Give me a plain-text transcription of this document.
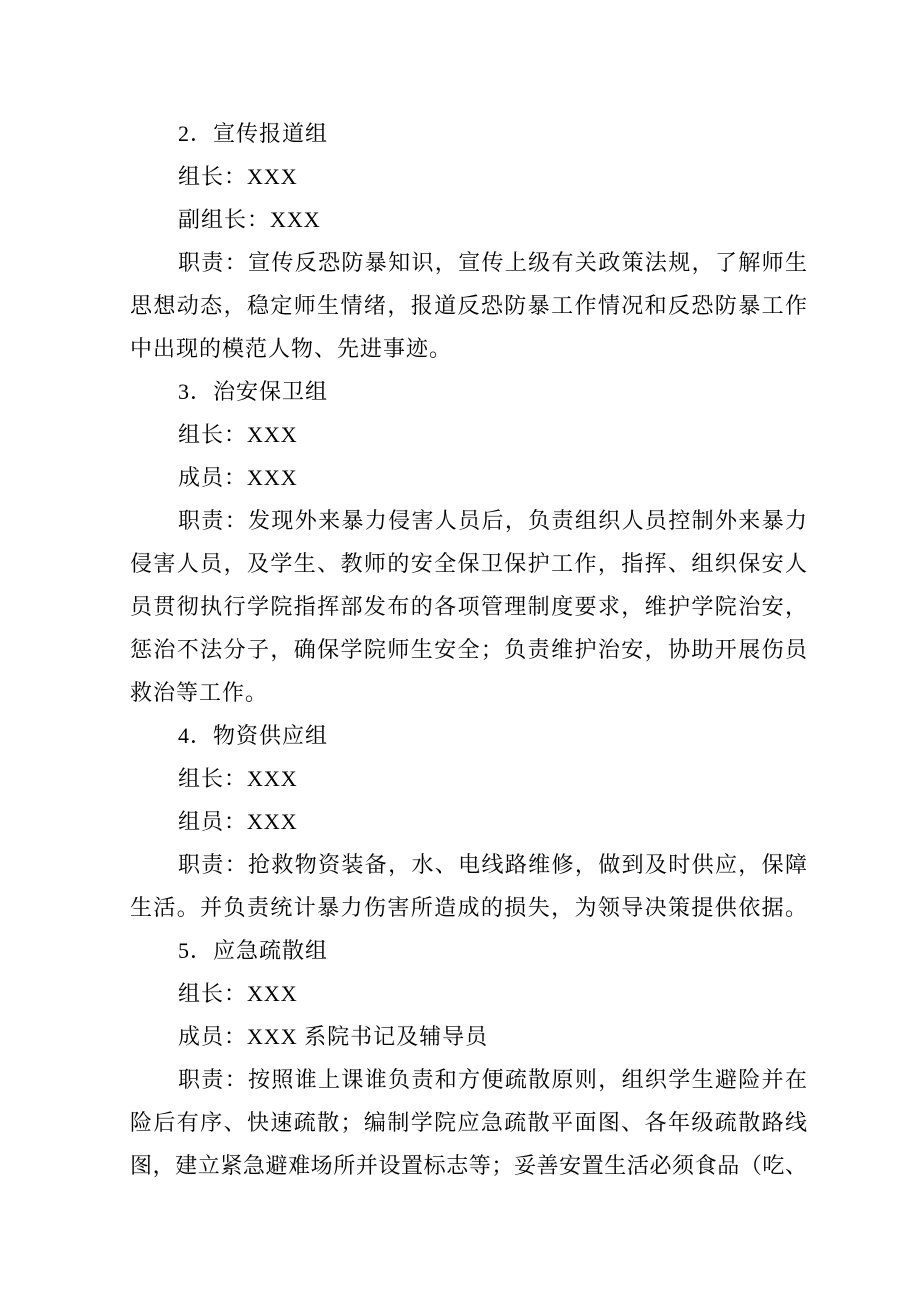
2．宣传报道组
组长：XXX
副组长：XXX
职责：宣传反恐防暴知识，宣传上级有关政策法规，了解师生
思想动态，稳定师生情绪，报道反恐防暴工作情况和反恐防暴工作
中出现的模范人物、先进事迹。
3．治安保卫组
组长：XXX
成员：XXX
职责：发现外来暴力侵害人员后，负责组织人员控制外来暴力
侵害人员，及学生、教师的安全保卫保护工作，指挥、组织保安人
员贯彻执行学院指挥部发布的各项管理制度要求，维护学院治安，
惩治不法分子，确保学院师生安全；负责维护治安，协助开展伤员
救治等工作。
4．物资供应组
组长：XXX
组员：XXX
职责：抢救物资装备，水、电线路维修，做到及时供应，保障
生活。并负责统计暴力伤害所造成的损失，为领导决策提供依据。
5．应急疏散组
组长：XXX
成员：XXX 系院书记及辅导员
职责：按照谁上课谁负责和方便疏散原则，组织学生避险并在
险后有序、快速疏散；编制学院应急疏散平面图、各年级疏散路线
图，建立紧急避难场所并设置标志等；妥善安置生活必须食品（吃、
